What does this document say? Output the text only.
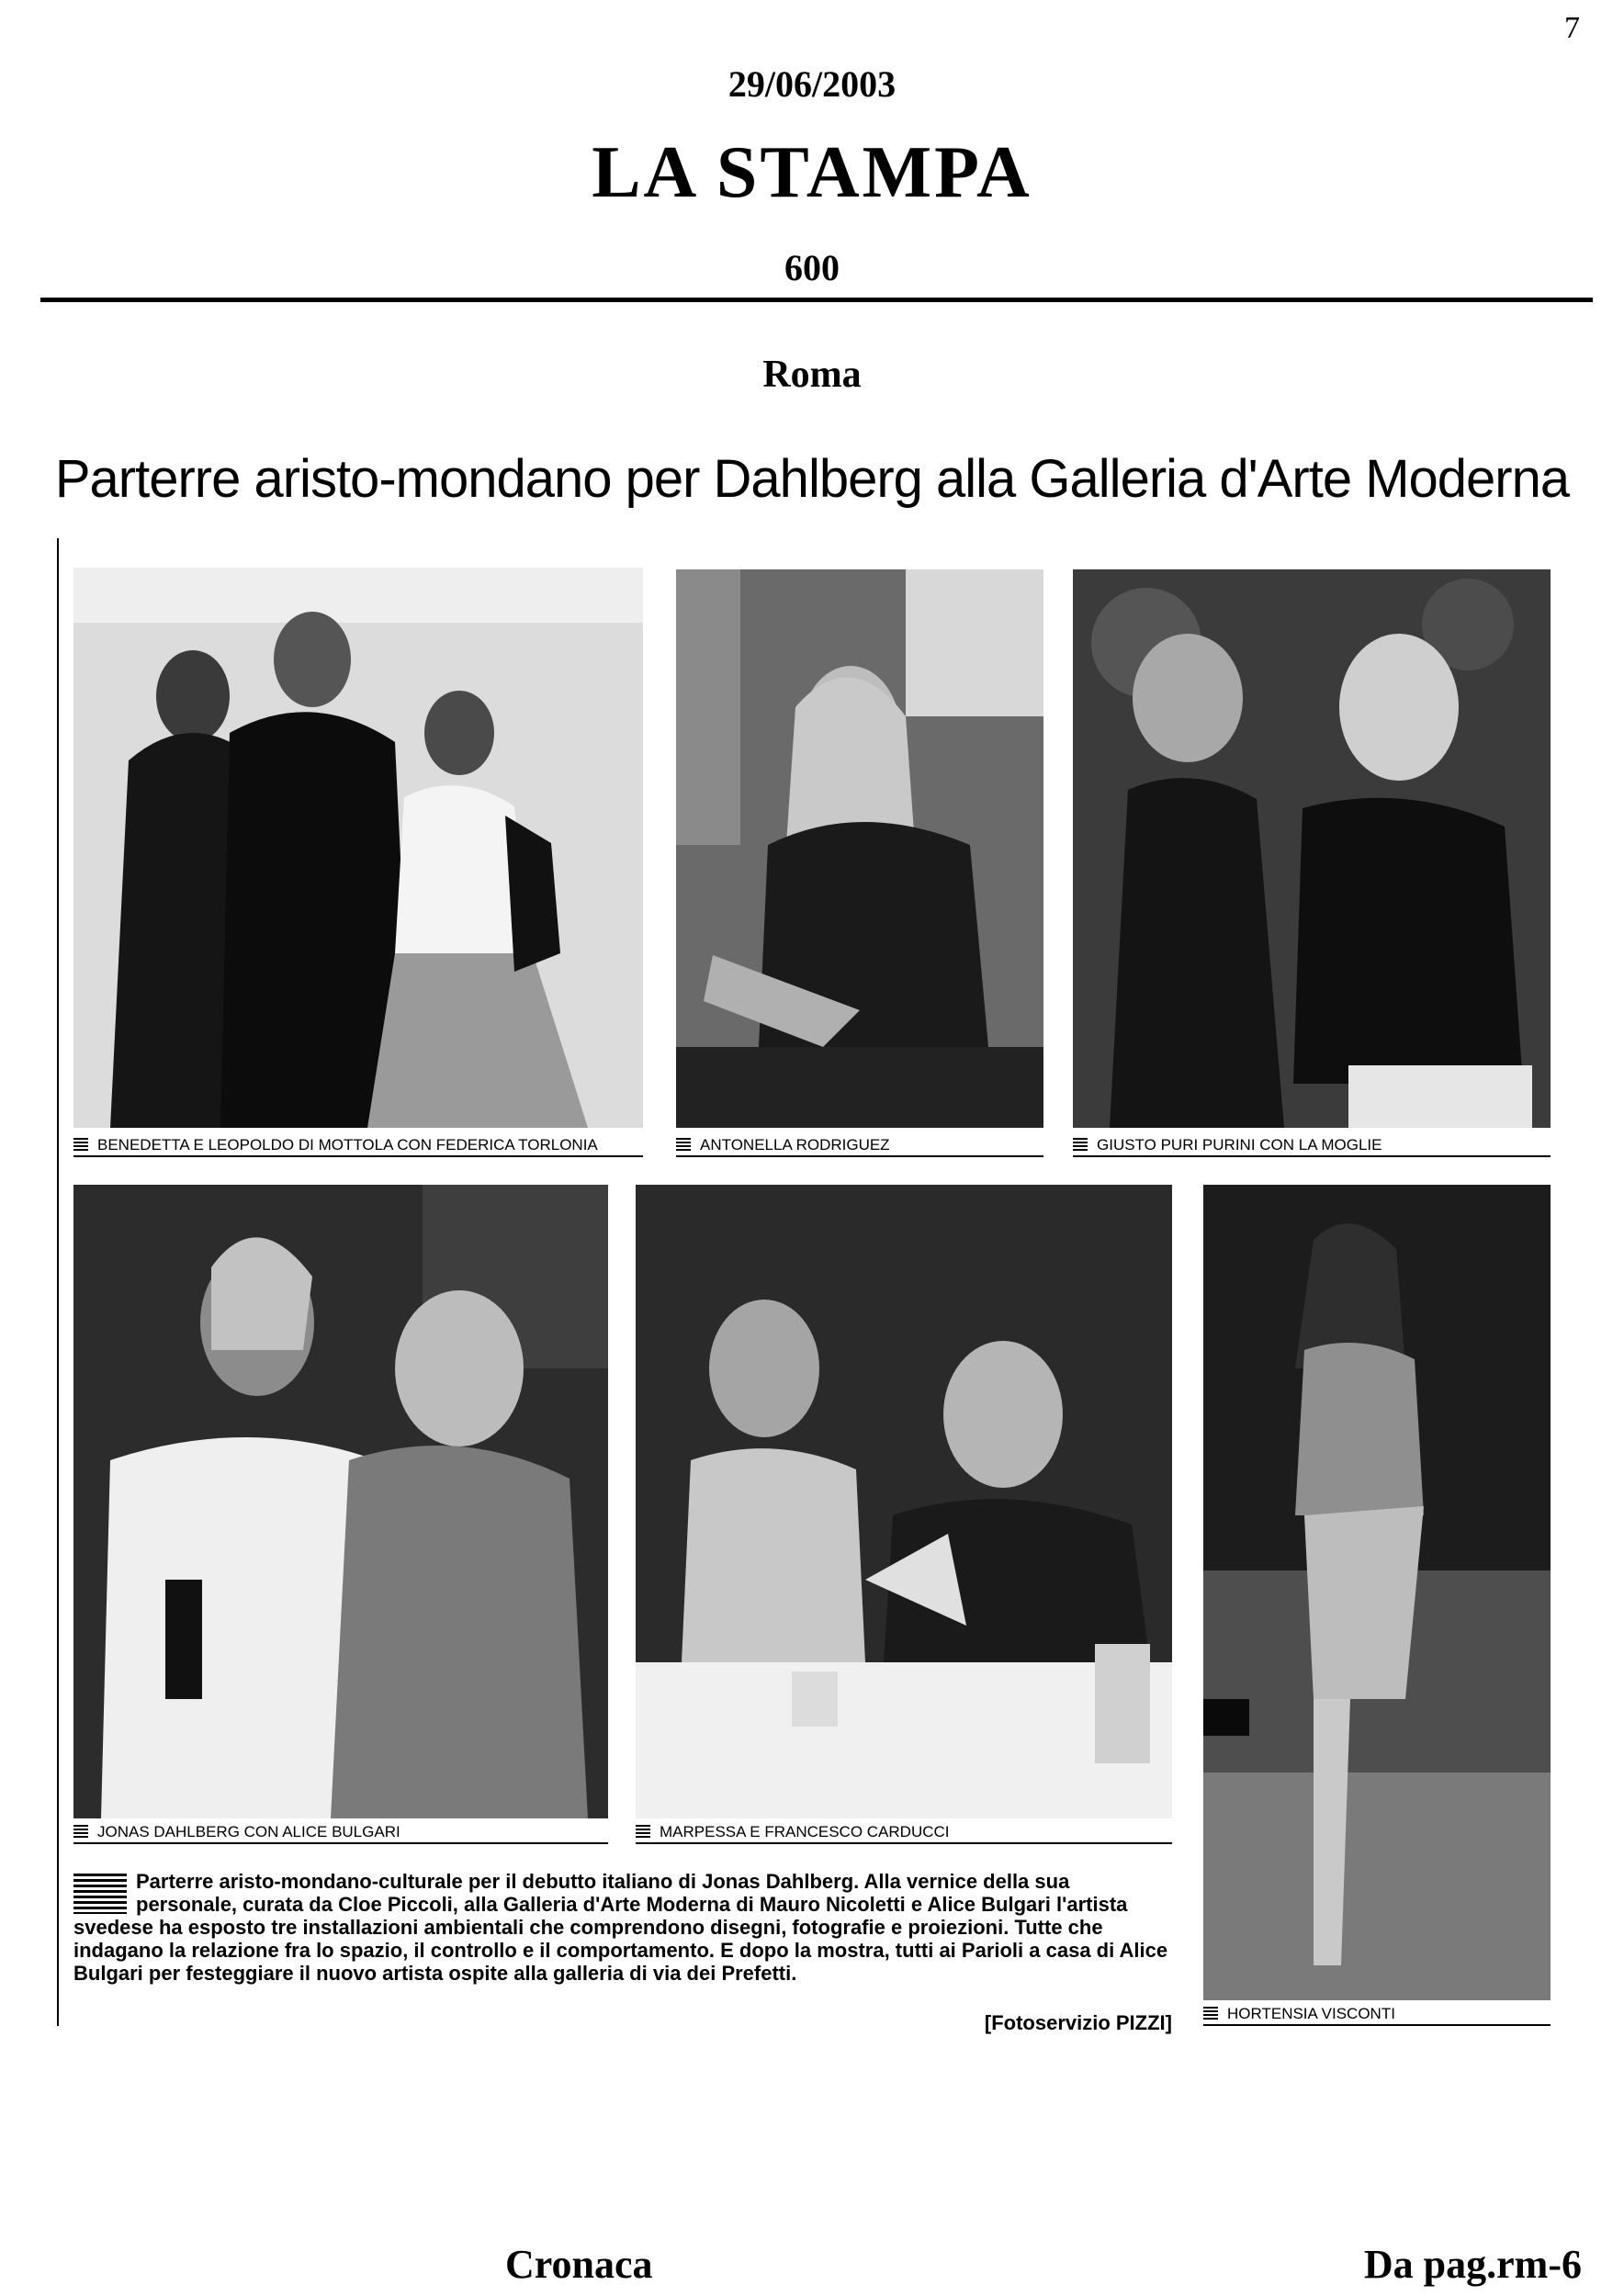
7
29/06/2003
LA STAMPA
600
Roma
Parterre aristo-mondano per Dahlberg alla Galleria d'Arte Moderna
BENEDETTA E LEOPOLDO DI MOTTOLA CON FEDERICA TORLONIA	ANTONELLA RODRIGUEZ	GIUSTO PURI PURINI CON LA MOGLIE
JONAS DAHLBERG CON ALICE BULGARI	MARPESSA E FRANCESCO CARDUCCI
HORTENSIA VISCONTI
Parterre aristo-mondano-culturale per il debutto italiano di Jonas Dahlberg. Alla vernice della sua personale, curata da Cloe Piccoli, alla Galleria d'Arte Moderna di Mauro Nicoletti e Alice Bulgari l'artista svedese ha esposto tre installazioni ambientali che comprendono disegni, fotografie e proiezioni. Tutte che indagano la relazione fra lo spazio, il controllo e il comportamento. E dopo la mostra, tutti ai Parioli a casa di Alice Bulgari per festeggiare il nuovo artista ospite alla galleria di via dei Prefetti.
[Fotoservizio PIZZI]
Cronaca	Da pag.rm-6
